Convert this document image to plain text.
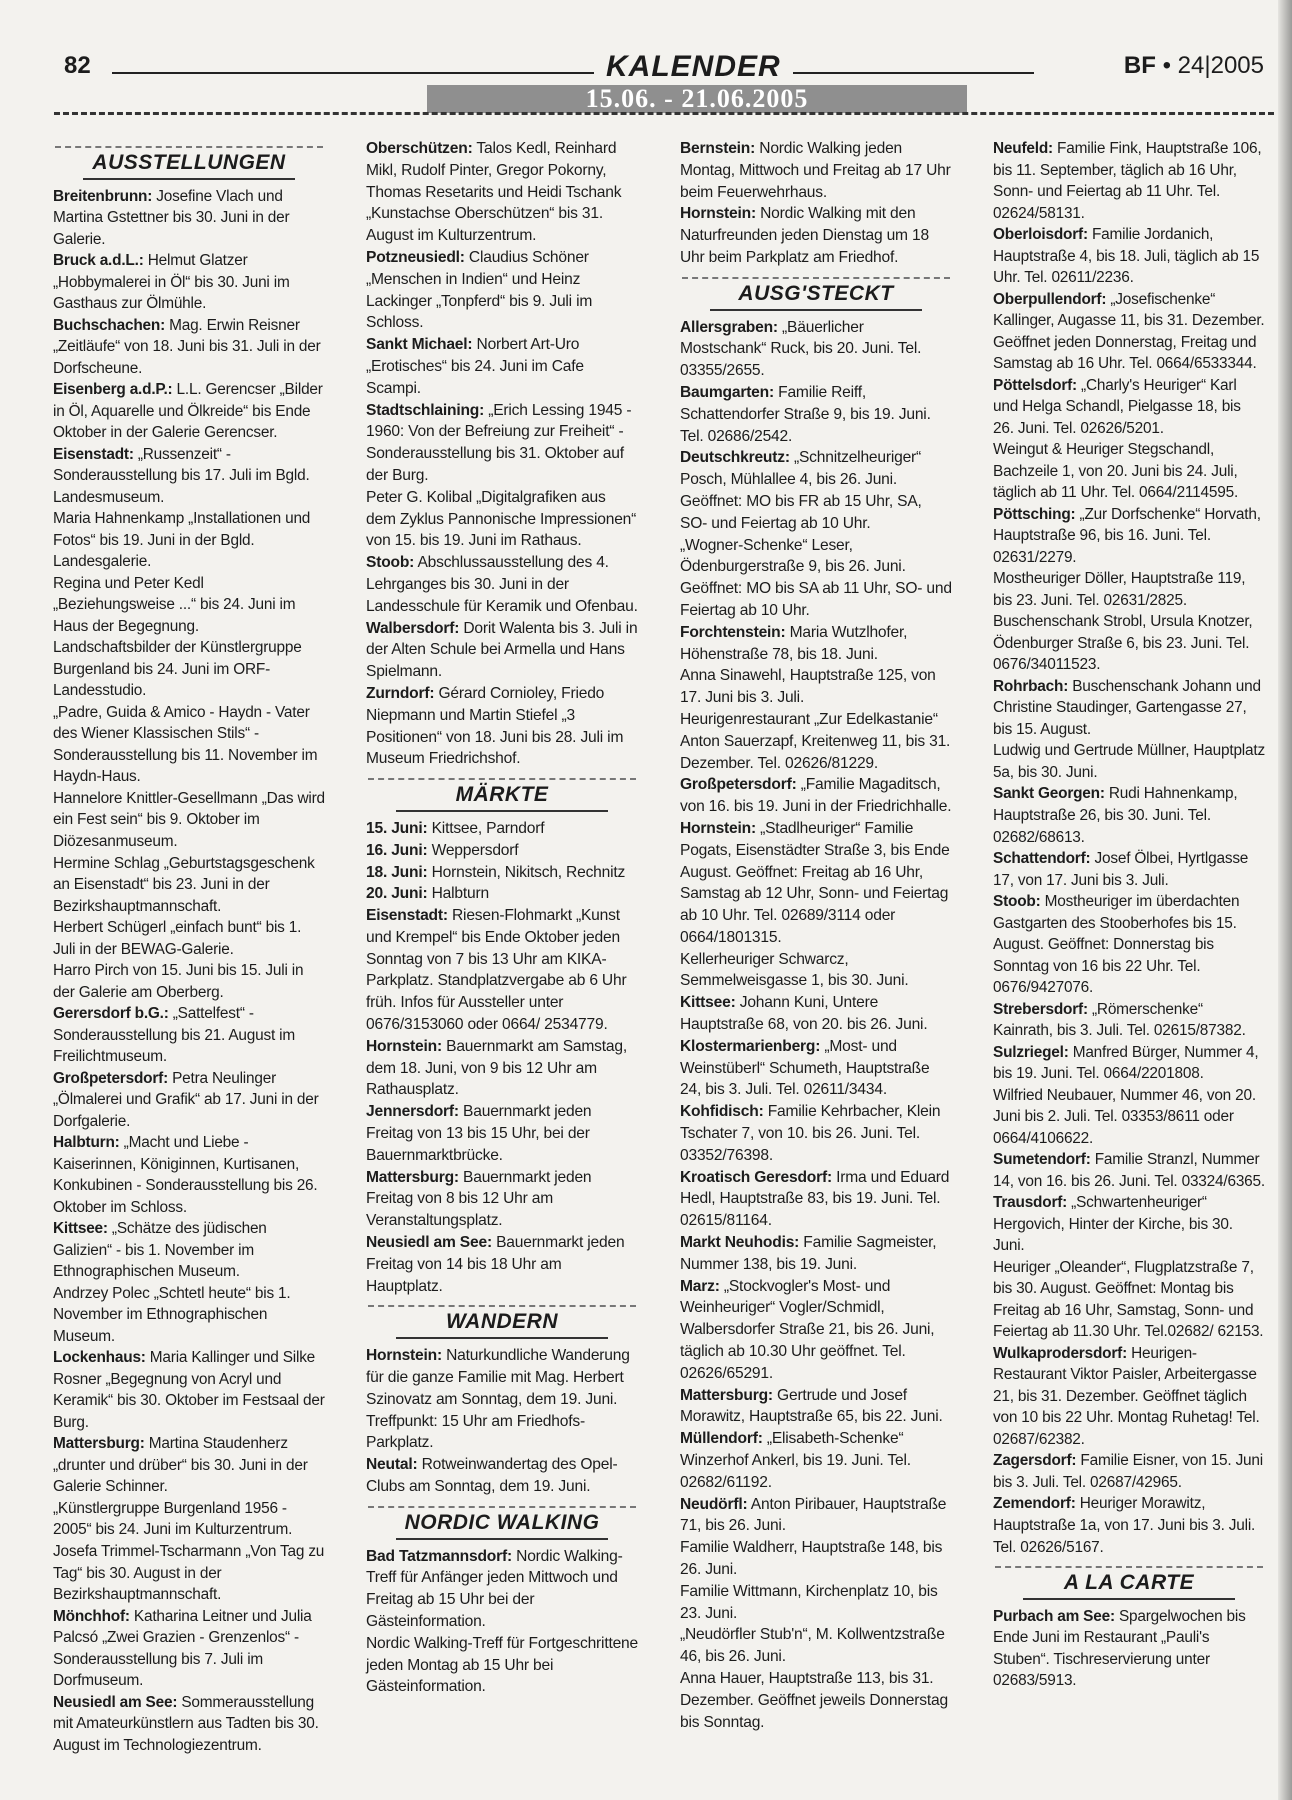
82	KALENDER	BF • 24|2005
15.06. - 21.06.2005
AUSSTELLUNGEN

Breitenbrunn: Josefine Vlach und Martina Gstettner bis 30. Juni in der Galerie.

Bruck a.d.L.: Helmut Glatzer „Hobbymalerei in Öl“ bis 30. Juni im Gasthaus zur Ölmühle.

Buchschachen: Mag. Erwin Reisner „Zeitläufe“ von 18. Juni bis 31. Juli in der Dorfscheune.

Eisenberg a.d.P.: L.L. Gerencser „Bilder in Öl, Aquarelle und Ölkreide“ bis Ende Oktober in der Galerie Gerencser.

Eisenstadt: „Russenzeit“ - Sonderausstellung bis 17. Juli im Bgld. Landesmuseum.

Maria Hahnenkamp „Installationen und Fotos“ bis 19. Juni in der Bgld. Landesgalerie.

Regina und Peter Kedl „Beziehungsweise ...“ bis 24. Juni im Haus der Begegnung.

Landschaftsbilder der Künstlergruppe Burgenland bis 24. Juni im ORF-Landesstudio.

„Padre, Guida & Amico - Haydn - Vater des Wiener Klassischen Stils“ - Sonderausstellung bis 11. November im Haydn-Haus.

Hannelore Knittler-Gesellmann „Das wird ein Fest sein“ bis 9. Oktober im Diözesanmuseum.

Hermine Schlag „Geburtstagsgeschenk an Eisenstadt“ bis 23. Juni in der Bezirkshauptmannschaft.

Herbert Schügerl „einfach bunt“ bis 1. Juli in der BEWAG-Galerie.

Harro Pirch von 15. Juni bis 15. Juli in der Galerie am Oberberg.

Gerersdorf b.G.: „Sattelfest“ - Sonderausstellung bis 21. August im Freilichtmuseum.

Großpetersdorf: Petra Neulinger „Ölmalerei und Grafik“ ab 17. Juni in der Dorfgalerie.

Halbturn: „Macht und Liebe - Kaiserinnen, Königinnen, Kurtisanen, Konkubinen - Sonderausstellung bis 26. Oktober im Schloss.

Kittsee: „Schätze des jüdischen Galizien“ - bis 1. November im Ethnographischen Museum.

Andrzey Polec „Schtetl heute“ bis 1. November im Ethnographischen Museum.

Lockenhaus: Maria Kallinger und Silke Rosner „Begegnung von Acryl und Keramik“ bis 30. Oktober im Festsaal der Burg.

Mattersburg: Martina Staudenherz „drunter und drüber“ bis 30. Juni in der Galerie Schinner.

„Künstlergruppe Burgenland 1956 - 2005“ bis 24. Juni im Kulturzentrum.

Josefa Trimmel-Tscharmann „Von Tag zu Tag“ bis 30. August in der Bezirkshauptmannschaft.

Mönchhof: Katharina Leitner und Julia Palcsó „Zwei Grazien - Grenzenlos“ - Sonderausstellung bis 7. Juli im Dorfmuseum.

Neusiedl am See: Sommerausstellung mit Amateurkünstlern aus Tadten bis 30. August im Technologiezentrum.

Oberschützen: Talos Kedl, Reinhard Mikl, Rudolf Pinter, Gregor Pokorny, Thomas Resetarits und Heidi Tschank „Kunstachse Oberschützen“ bis 31. August im Kulturzentrum.

Potzneusiedl: Claudius Schöner „Menschen in Indien“ und Heinz Lackinger „Tonpferd“ bis 9. Juli im Schloss.

Sankt Michael: Norbert Art-Uro „Erotisches“ bis 24. Juni im Cafe Scampi.

Stadtschlaining: „Erich Lessing 1945 - 1960: Von der Befreiung zur Freiheit“ - Sonderausstellung bis 31. Oktober auf der Burg.

Peter G. Kolibal „Digitalgrafiken aus dem Zyklus Pannonische Impressionen“ von 15. bis 19. Juni im Rathaus.

Stoob: Abschlussausstellung des 4. Lehrganges bis 30. Juni in der Landesschule für Keramik und Ofenbau.

Walbersdorf: Dorit Walenta bis 3. Juli in der Alten Schule bei Armella und Hans Spielmann.

Zurndorf: Gérard Cornioley, Friedo Niepmann und Martin Stiefel „3 Positionen“ von 18. Juni bis 28. Juli im Museum Friedrichshof.

MÄRKTE

15. Juni: Kittsee, Parndorf

16. Juni: Weppersdorf

18. Juni: Hornstein, Nikitsch, Rechnitz

20. Juni: Halbturn

Eisenstadt: Riesen-Flohmarkt „Kunst und Krempel“ bis Ende Oktober jeden Sonntag von 7 bis 13 Uhr am KIKA-Parkplatz. Standplatzvergabe ab 6 Uhr früh. Infos für Aussteller unter 0676/3153060 oder 0664/ 2534779.

Hornstein: Bauernmarkt am Samstag, dem 18. Juni, von 9 bis 12 Uhr am Rathausplatz.

Jennersdorf: Bauernmarkt jeden Freitag von 13 bis 15 Uhr, bei der Bauernmarktbrücke.

Mattersburg: Bauernmarkt jeden Freitag von 8 bis 12 Uhr am Veranstaltungsplatz.

Neusiedl am See: Bauernmarkt jeden Freitag von 14 bis 18 Uhr am Hauptplatz.

WANDERN

Hornstein: Naturkundliche Wanderung für die ganze Familie mit Mag. Herbert Szinovatz am Sonntag, dem 19. Juni. Treffpunkt: 15 Uhr am Friedhofs-Parkplatz.

Neutal: Rotweinwandertag des Opel-Clubs am Sonntag, dem 19. Juni.

NORDIC WALKING

Bad Tatzmannsdorf: Nordic Walking-Treff für Anfänger jeden Mittwoch und Freitag ab 15 Uhr bei der Gästeinformation.

Nordic Walking-Treff für Fortgeschrittene jeden Montag ab 15 Uhr bei Gästeinformation.

Bernstein: Nordic Walking jeden Montag, Mittwoch und Freitag ab 17 Uhr beim Feuerwehrhaus.

Hornstein: Nordic Walking mit den Naturfreunden jeden Dienstag um 18 Uhr beim Parkplatz am Friedhof.

AUSG'STECKT

Allersgraben: „Bäuerlicher Mostschank“ Ruck, bis 20. Juni. Tel. 03355/2655.

Baumgarten: Familie Reiff, Schattendorfer Straße 9, bis 19. Juni. Tel. 02686/2542.

Deutschkreutz: „Schnitzelheuriger“ Posch, Mühlallee 4, bis 26. Juni. Geöffnet: MO bis FR ab 15 Uhr, SA, SO- und Feiertag ab 10 Uhr.

„Wogner-Schenke“ Leser, Ödenburgerstraße 9, bis 26. Juni. Geöffnet: MO bis SA ab 11 Uhr, SO- und Feiertag ab 10 Uhr.

Forchtenstein: Maria Wutzlhofer, Höhenstraße 78, bis 18. Juni.

Anna Sinawehl, Hauptstraße 125, von 17. Juni bis 3. Juli.

Heurigenrestaurant „Zur Edelkastanie“ Anton Sauerzapf, Kreitenweg 11, bis 31. Dezember. Tel. 02626/81229.

Großpetersdorf: „Familie Magaditsch, von 16. bis 19. Juni in der Friedrichhalle.

Hornstein: „Stadlheuriger“ Familie Pogats, Eisenstädter Straße 3, bis Ende August. Geöffnet: Freitag ab 16 Uhr, Samstag ab 12 Uhr, Sonn- und Feiertag ab 10 Uhr. Tel. 02689/3114 oder 0664/1801315.

Kellerheuriger Schwarcz, Semmelweisgasse 1, bis 30. Juni.

Kittsee: Johann Kuni, Untere Hauptstraße 68, von 20. bis 26. Juni.

Klostermarienberg: „Most- und Weinstüberl“ Schumeth, Hauptstraße 24, bis 3. Juli. Tel. 02611/3434.

Kohfidisch: Familie Kehrbacher, Klein Tschater 7, von 10. bis 26. Juni. Tel. 03352/76398.

Kroatisch Geresdorf: Irma und Eduard Hedl, Hauptstraße 83, bis 19. Juni. Tel. 02615/81164.

Markt Neuhodis: Familie Sagmeister, Nummer 138, bis 19. Juni.

Marz: „Stockvogler's Most- und Weinheuriger“ Vogler/Schmidl, Walbersdorfer Straße 21, bis 26. Juni, täglich ab 10.30 Uhr geöffnet. Tel. 02626/65291.

Mattersburg: Gertrude und Josef Morawitz, Hauptstraße 65, bis 22. Juni.

Müllendorf: „Elisabeth-Schenke“ Winzerhof Ankerl, bis 19. Juni. Tel. 02682/61192.

Neudörfl: Anton Piribauer, Hauptstraße 71, bis 26. Juni.

Familie Waldherr, Hauptstraße 148, bis 26. Juni.

Familie Wittmann, Kirchenplatz 10, bis 23. Juni.

„Neudörfler Stub'n“, M. Kollwentzstraße 46, bis 26. Juni.

Anna Hauer, Hauptstraße 113, bis 31. Dezember. Geöffnet jeweils Donnerstag bis Sonntag.

Neufeld: Familie Fink, Hauptstraße 106, bis 11. September, täglich ab 16 Uhr, Sonn- und Feiertag ab 11 Uhr. Tel. 02624/58131.

Oberloisdorf: Familie Jordanich, Hauptstraße 4, bis 18. Juli, täglich ab 15 Uhr. Tel. 02611/2236.

Oberpullendorf: „Josefischenke“ Kallinger, Augasse 11, bis 31. Dezember. Geöffnet jeden Donnerstag, Freitag und Samstag ab 16 Uhr. Tel. 0664/6533344.

Pöttelsdorf: „Charly's Heuriger“ Karl und Helga Schandl, Pielgasse 18, bis 26. Juni. Tel. 02626/5201.

Weingut & Heuriger Stegschandl, Bachzeile 1, von 20. Juni bis 24. Juli, täglich ab 11 Uhr. Tel. 0664/2114595.

Pöttsching: „Zur Dorfschenke“ Horvath, Hauptstraße 96, bis 16. Juni. Tel. 02631/2279.

Mostheuriger Döller, Hauptstraße 119, bis 23. Juni. Tel. 02631/2825.

Buschenschank Strobl, Ursula Knotzer, Ödenburger Straße 6, bis 23. Juni. Tel. 0676/34011523.

Rohrbach: Buschenschank Johann und Christine Staudinger, Gartengasse 27, bis 15. August.

Ludwig und Gertrude Müllner, Hauptplatz 5a, bis 30. Juni.

Sankt Georgen: Rudi Hahnenkamp, Hauptstraße 26, bis 30. Juni. Tel. 02682/68613.

Schattendorf: Josef Ölbei, Hyrtlgasse 17, von 17. Juni bis 3. Juli.

Stoob: Mostheuriger im überdachten Gastgarten des Stooberhofes bis 15. August. Geöffnet: Donnerstag bis Sonntag von 16 bis 22 Uhr. Tel. 0676/9427076.

Strebersdorf: „Römerschenke“ Kainrath, bis 3. Juli. Tel. 02615/87382.

Sulzriegel: Manfred Bürger, Nummer 4, bis 19. Juni. Tel. 0664/2201808.

Wilfried Neubauer, Nummer 46, von 20. Juni bis 2. Juli. Tel. 03353/8611 oder 0664/4106622.

Sumetendorf: Familie Stranzl, Nummer 14, von 16. bis 26. Juni. Tel. 03324/6365.

Trausdorf: „Schwartenheuriger“ Hergovich, Hinter der Kirche, bis 30. Juni.

Heuriger „Oleander“, Flugplatzstraße 7, bis 30. August. Geöffnet: Montag bis Freitag ab 16 Uhr, Samstag, Sonn- und Feiertag ab 11.30 Uhr. Tel.02682/ 62153.

Wulkaprodersdorf: Heurigen-Restaurant Viktor Paisler, Arbeitergasse 21, bis 31. Dezember. Geöffnet täglich von 10 bis 22 Uhr. Montag Ruhetag! Tel. 02687/62382.

Zagersdorf: Familie Eisner, von 15. Juni bis 3. Juli. Tel. 02687/42965.

Zemendorf: Heuriger Morawitz, Hauptstraße 1a, von 17. Juni bis 3. Juli. Tel. 02626/5167.

A LA CARTE

Purbach am See: Spargelwochen bis Ende Juni im Restaurant „Pauli's Stuben“. Tischreservierung unter 02683/5913.
